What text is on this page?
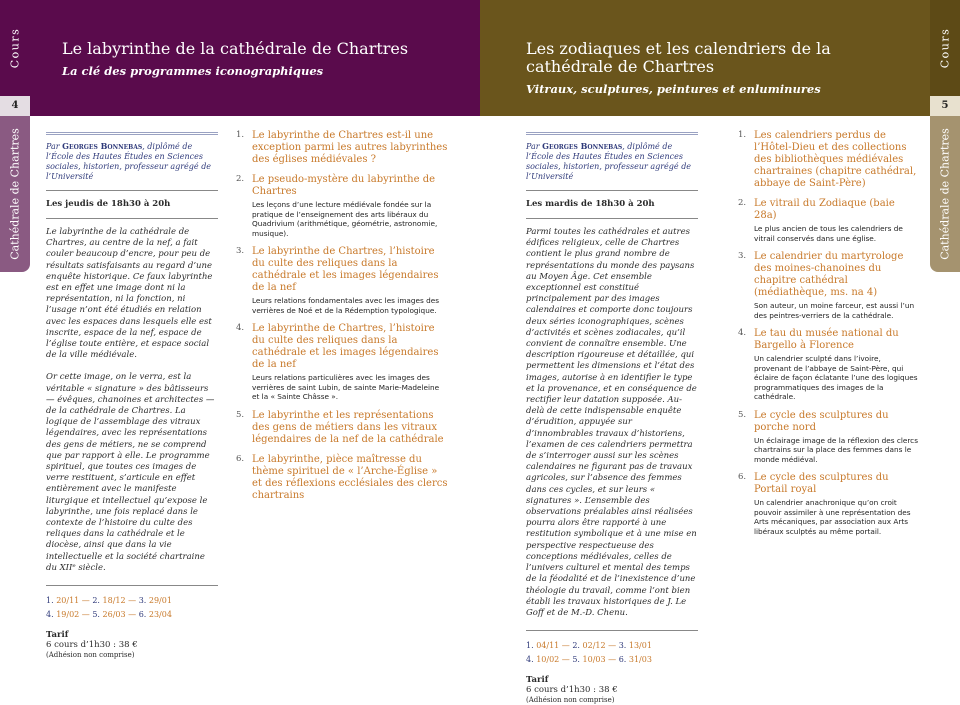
Cours
4
Cathédrale de Chartres
Cours
5
Cathédrale de Chartres
Le labyrinthe de la cathédrale de Chartres
La clé des programmes iconographiques
Les zodiaques et les calendriers de la cathédrale de Chartres
Vitraux, sculptures, peintures et enluminures
Par Georges Bonnebas, diplômé de l’École des Hautes Études en Sciences sociales, historien, professeur agrégé de l’Université
Les jeudis de 18h30 à 20h

Le labyrinthe de la cathédrale de Chartres, au centre de la nef, a fait couler beaucoup d’encre, pour peu de résultats satisfaisants au regard d’une enquête historique. Ce faux labyrinthe est en effet une image dont ni la représentation, ni la fonction, ni l’usage n’ont été étudiés en relation avec les espaces dans lesquels elle est inscrite, espace de la nef, espace de l’église toute entière, et espace social de la ville médiévale.

Or cette image, on le verra, est la véritable « signature » des bâtisseurs — évêques, chanoines et architectes — de la cathédrale de Chartres. La logique de l’assemblage des vitraux légendaires, avec les représentations des gens de métiers, ne se comprend que par rapport à elle. Le programme spirituel, que toutes ces images de verre restituent, s’articule en effet entièrement avec le manifeste liturgique et intellectuel qu’expose le labyrinthe, une fois replacé dans le contexte de l’histoire du culte des reliques dans la cathédrale et le diocèse, ainsi que dans la vie intellectuelle et la société chartraine du XIIᵉ siècle.

1. 20/11 — 2. 18/12 — 3. 29/01
4. 19/02 — 5. 26/03 — 6. 23/04
Tarif
6 cours d’1h30 : 38 €
(Adhésion non comprise)
1. Le labyrinthe de Chartres est-il une exception parmi les autres labyrinthes des églises médiévales ?
2. Le pseudo-mystère du labyrinthe de Chartres
Les leçons d’une lecture médiévale fondée sur la pratique de l’enseignement des arts libéraux du Quadrivium (arithmétique, géométrie, astronomie, musique).
3. Le labyrinthe de Chartres, l’histoire du culte des reliques dans la cathédrale et les images légendaires de la nef
Leurs relations fondamentales avec les images des verrières de Noé et de la Rédemption typologique.
4. Le labyrinthe de Chartres, l’histoire du culte des reliques dans la cathédrale et les images légendaires de la nef
Leurs relations particulières avec les images des verrières de saint Lubin, de sainte Marie-Madeleine et la « Sainte Châsse ».
5. Le labyrinthe et les représentations des gens de métiers dans les vitraux légendaires de la nef de la cathédrale
6. Le labyrinthe, pièce maîtresse du thème spirituel de « l’Arche-Église » et des réflexions ecclésiales des clercs chartrains
Par Georges Bonnebas, diplômé de l’École des Hautes Études en Sciences sociales, historien, professeur agrégé de l’Université
Les mardis de 18h30 à 20h

Parmi toutes les cathédrales et autres édifices religieux, celle de Chartres contient le plus grand nombre de représentations du monde des paysans au Moyen Âge. Cet ensemble exceptionnel est constitué principalement par des images calendaires et comporte donc toujours deux séries iconographiques, scènes d’activités et scènes zodiacales, qu’il convient de connaître ensemble. Une description rigoureuse et détaillée, qui permettent les dimensions et l’état des images, autorise à en identifier le type et la provenance, et en conséquence de rectifier leur datation supposée. Au-delà de cette indispensable enquête d’érudition, appuyée sur d’innombrables travaux d’historiens, l’examen de ces calendriers permettra de s’interroger aussi sur les scènes calendaires ne figurant pas de travaux agricoles, sur l’absence des femmes dans ces cycles, et sur leurs « signatures ». L’ensemble des observations préalables ainsi réalisées pourra alors être rapporté à une restitution symbolique et à une mise en perspective respectueuse des conceptions médiévales, celles de l’univers culturel et mental des temps de la féodalité et de l’inexistence d’une théologie du travail, comme l’ont bien établi les travaux historiques de J. Le Goff et de M.-D. Chenu.

1. 04/11 — 2. 02/12 — 3. 13/01
4. 10/02 — 5. 10/03 — 6. 31/03
Tarif
6 cours d’1h30 : 38 €
(Adhésion non comprise)
1. Les calendriers perdus de l’Hôtel-Dieu et des collections des bibliothèques médiévales chartraines (chapitre cathédral, abbaye de Saint-Père)
2. Le vitrail du Zodiaque (baie 28a)
Le plus ancien de tous les calendriers de vitrail conservés dans une église.
3. Le calendrier du martyrologe des moines-chanoines du chapitre cathédral (médiathèque, ms. na 4)
Son auteur, un moine farceur, est aussi l’un des peintres-verriers de la cathédrale.
4. Le tau du musée national du Bargello à Florence
Un calendrier sculpté dans l’ivoire, provenant de l’abbaye de Saint-Père, qui éclaire de façon éclatante l’une des logiques programmatiques des images de la cathédrale.
5. Le cycle des sculptures du porche nord
Un éclairage image de la réflexion des clercs chartrains sur la place des femmes dans le monde médiéval.
6. Le cycle des sculptures du Portail royal
Un calendrier anachronique qu’on croit pouvoir assimiler à une représentation des Arts mécaniques, par association aux Arts libéraux sculptés au même portail.
